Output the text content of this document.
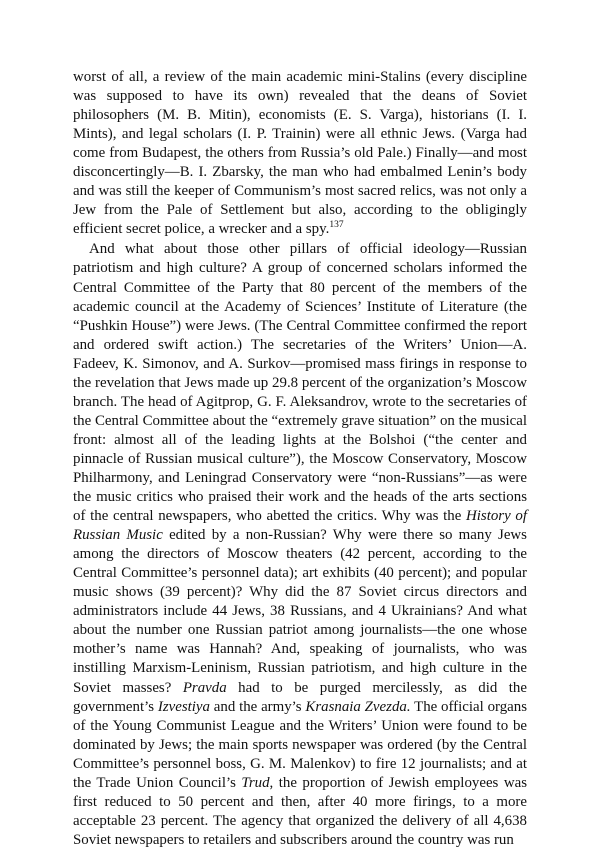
worst of all, a review of the main academic mini-Stalins (every discipline was supposed to have its own) revealed that the deans of Soviet philosophers (M. B. Mitin), economists (E. S. Varga), historians (I. I. Mints), and legal scholars (I. P. Trainin) were all ethnic Jews. (Varga had come from Budapest, the others from Russia’s old Pale.) Finally—and most disconcertingly—B. I. Zbarsky, the man who had embalmed Lenin’s body and was still the keeper of Communism’s most sacred relics, was not only a Jew from the Pale of Settlement but also, according to the obligingly efficient secret police, a wrecker and a spy.$^{137}$

And what about those other pillars of official ideology—Russian patriotism and high culture? A group of concerned scholars informed the Central Committee of the Party that 80 percent of the members of the academic council at the Academy of Sciences’ Institute of Literature (the “Pushkin House”) were Jews. (The Central Committee confirmed the report and ordered swift action.) The secretaries of the Writers’ Union—A. Fadeev, K. Simonov, and A. Surkov—promised mass firings in response to the revelation that Jews made up 29.8 percent of the organization’s Moscow branch. The head of Agitprop, G. F. Aleksandrov, wrote to the secretaries of the Central Committee about the “extremely grave situation” on the musical front: almost all of the leading lights at the Bolshoi (“the center and pinnacle of Russian musical culture”), the Moscow Conservatory, Moscow Philharmony, and Leningrad Conservatory were “non-Russians”—as were the music critics who praised their work and the heads of the arts sections of the central newspapers, who abetted the critics. Why was the History of Russian Music edited by a non-Russian? Why were there so many Jews among the directors of Moscow theaters (42 percent, according to the Central Committee’s personnel data); art exhibits (40 percent); and popular music shows (39 percent)? Why did the 87 Soviet circus directors and administrators include 44 Jews, 38 Russians, and 4 Ukrainians? And what about the number one Russian patriot among journalists—the one whose mother’s name was Hannah? And, speaking of journalists, who was instilling Marxism-Leninism, Russian patriotism, and high culture in the Soviet masses? Pravda had to be purged mercilessly, as did the government’s Izvestiya and the army’s Krasnaia Zvezda. The official organs of the Young Communist League and the Writers’ Union were found to be dominated by Jews; the main sports newspaper was ordered (by the Central Committee’s personnel boss, G. M. Malenkov) to fire 12 journalists; and at the Trade Union Council’s Trud, the proportion of Jewish employees was first reduced to 50 percent and then, after 40 more firings, to a more acceptable 23 percent. The agency that organized the delivery of all 4,638 Soviet newspapers to retailers and subscribers around the country was run
